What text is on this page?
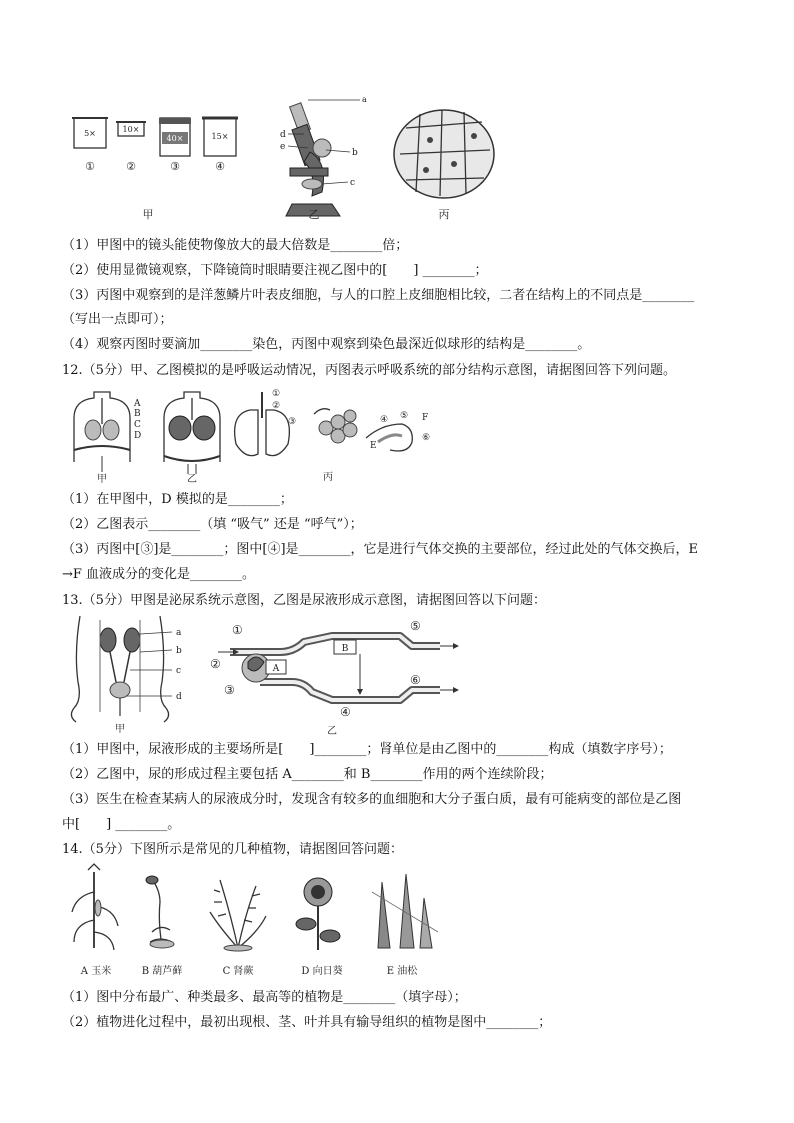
5×
①
10×
②
40×
③
15×
④
甲
a
b
c
d
e
乙	丙
（1）甲图中的镜头能使物像放大的最大倍数是________倍；
（2）使用显微镜观察，下降镜筒时眼睛要注视乙图中的[　　] ________；
（3）丙图中观察到的是洋葱鳞片叶表皮细胞，与人的口腔上皮细胞相比较，二者在结构上的不同点是________
（写出一点即可）；
（4）观察丙图时要滴加________染色，丙图中观察到染色最深近似球形的结构是________。
12.（5分）甲、乙图模拟的是呼吸运动情况，丙图表示呼吸系统的部分结构示意图，请据图回答下列问题。
A
B
C
D
甲	乙
①
②
③	④ ⑤ F
⑥
E
丙
（1）在甲图中，D 模拟的是________；
（2）乙图表示________（填 “吸气” 还是 “呼气”）；
（3）丙图中[③]是________；图中[④]是________，它是进行气体交换的主要部位，经过此处的气体交换后，E
→F 血液成分的变化是________。
13.（5分）甲图是泌尿系统示意图，乙图是尿液形成示意图，请据图回答以下问题：
a
b
c
d
甲
A
B
①
②
③
④
⑤
⑥
乙
（1）甲图中，尿液形成的主要场所是[　　]________；肾单位是由乙图中的________构成（填数字序号）；
（2）乙图中，尿的形成过程主要包括 A________和 B________作用的两个连续阶段；
（3）医生在检查某病人的尿液成分时，发现含有较多的血细胞和大分子蛋白质，最有可能病变的部位是乙图
中[　　] ________。
14.（5分）下图所示是常见的几种植物，请据图回答问题：
A 玉米	B 葫芦藓	C 肾蕨	D 向日葵	E 油松
（1）图中分布最广、种类最多、最高等的植物是________（填字母）；
（2）植物进化过程中，最初出现根、茎、叶并具有输导组织的植物是图中________；
